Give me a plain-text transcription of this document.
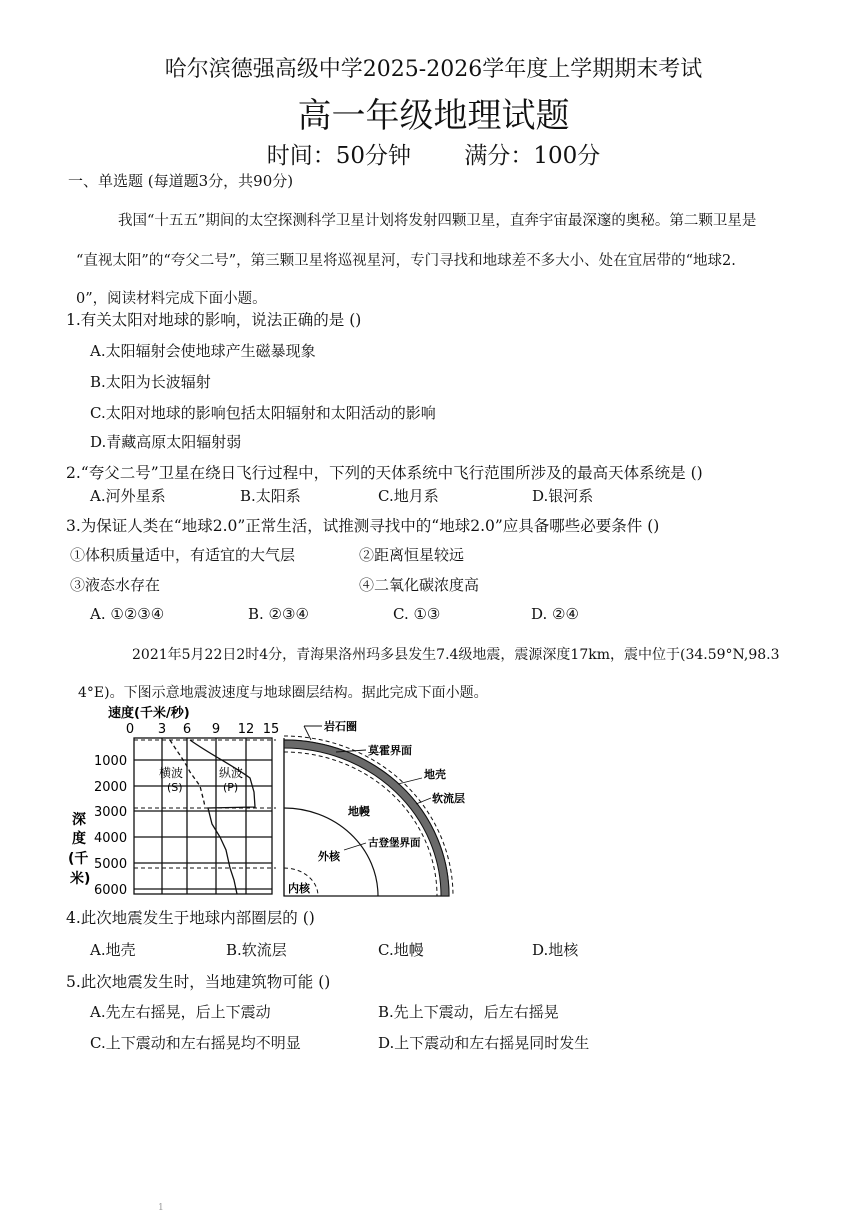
哈尔滨德强高级中学2025-2026学年度上学期期末考试
高一年级地理试题
时间：50分钟 满分：100分
一、单选题 (每道题3分，共90分)
我国“十五五”期间的太空探测科学卫星计划将发射四颗卫星，直奔宇宙最深邃的奥秘。第二颗卫星是
“直视太阳”的“夸父二号”，第三颗卫星将巡视星河，专门寻找和地球差不多大小、处在宜居带的“地球2.
0”，阅读材料完成下面小题。
1.有关太阳对地球的影响，说法正确的是 ()
A.太阳辐射会使地球产生磁暴现象
B.太阳为长波辐射
C.太阳对地球的影响包括太阳辐射和太阳活动的影响
D.青藏高原太阳辐射弱
2.“夸父二号”卫星在绕日飞行过程中，下列的天体系统中飞行范围所涉及的最高天体系统是 ()
A.河外星系	B.太阳系	C.地月系	D.银河系
3.为保证人类在“地球2.0”正常生活，试推测寻找中的“地球2.0”应具备哪些必要条件 ()
①体积质量适中，有适宜的大气层	②距离恒星较远
③液态水存在	④二氧化碳浓度高
A. ①②③④	B. ②③④	C. ①③	D. ②④
2021年5月22日2时4分，青海果洛州玛多县发生7.4级地震，震源深度17km，震中位于(34.59°N,98.3
4°E)。下图示意地震波速度与地球圈层结构。据此完成下面小题。
速度(千米/秒)
0 3 6 9 12 15
1000
2000
3000
4000
5000
6000
深
度
(千
米)
横波
(S)
纵波
(P)
岩石圈
莫霍界面
地壳
软流层
地幔
古登堡界面
外核
内核
4.此次地震发生于地球内部圈层的 ()
A.地壳	B.软流层	C.地幔	D.地核
5.此次地震发生时，当地建筑物可能 ()
A.先左右摇晃，后上下震动	B.先上下震动，后左右摇晃
C.上下震动和左右摇晃均不明显	D.上下震动和左右摇晃同时发生
1
